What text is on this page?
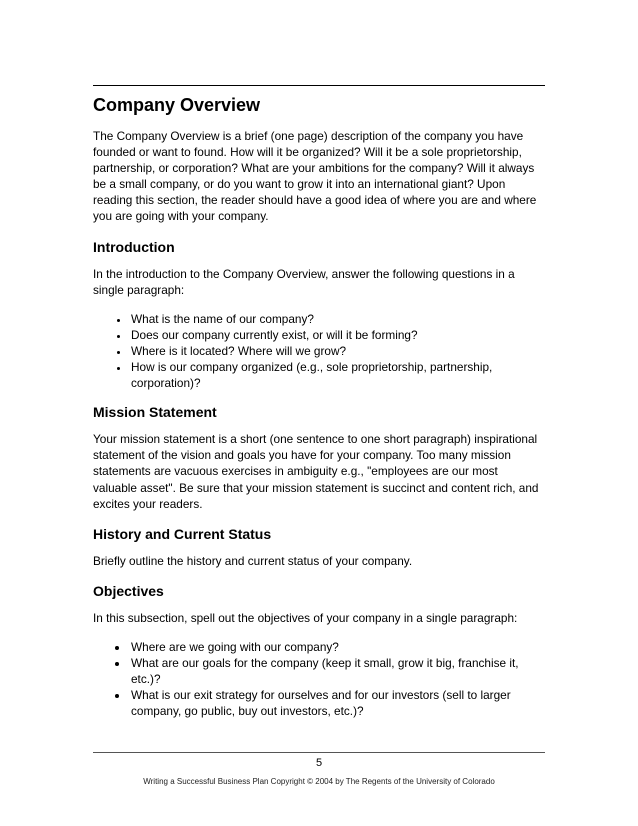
Company Overview

The Company Overview is a brief (one page) description of the company you have founded or want to found. How will it be organized? Will it be a sole proprietorship, partnership, or corporation? What are your ambitions for the company? Will it always be a small company, or do you want to grow it into an international giant? Upon reading this section, the reader should have a good idea of where you are and where you are going with your company.

Introduction

In the introduction to the Company Overview, answer the following questions in a single paragraph:

• What is the name of our company?
• Does our company currently exist, or will it be forming?
• Where is it located? Where will we grow?
• How is our company organized (e.g., sole proprietorship, partnership, corporation)?
Mission Statement

Your mission statement is a short (one sentence to one short paragraph) inspirational statement of the vision and goals you have for your company. Too many mission statements are vacuous exercises in ambiguity e.g., "employees are our most valuable asset". Be sure that your mission statement is succinct and content rich, and excites your readers.

History and Current Status

Briefly outline the history and current status of your company.

Objectives

In this subsection, spell out the objectives of your company in a single paragraph:

• Where are we going with our company?
• What are our goals for the company (keep it small, grow it big, franchise it, etc.)?
• What is our exit strategy for ourselves and for our investors (sell to larger company, go public, buy out investors, etc.)?
5
Writing a Successful Business Plan Copyright © 2004 by The Regents of the University of Colorado
